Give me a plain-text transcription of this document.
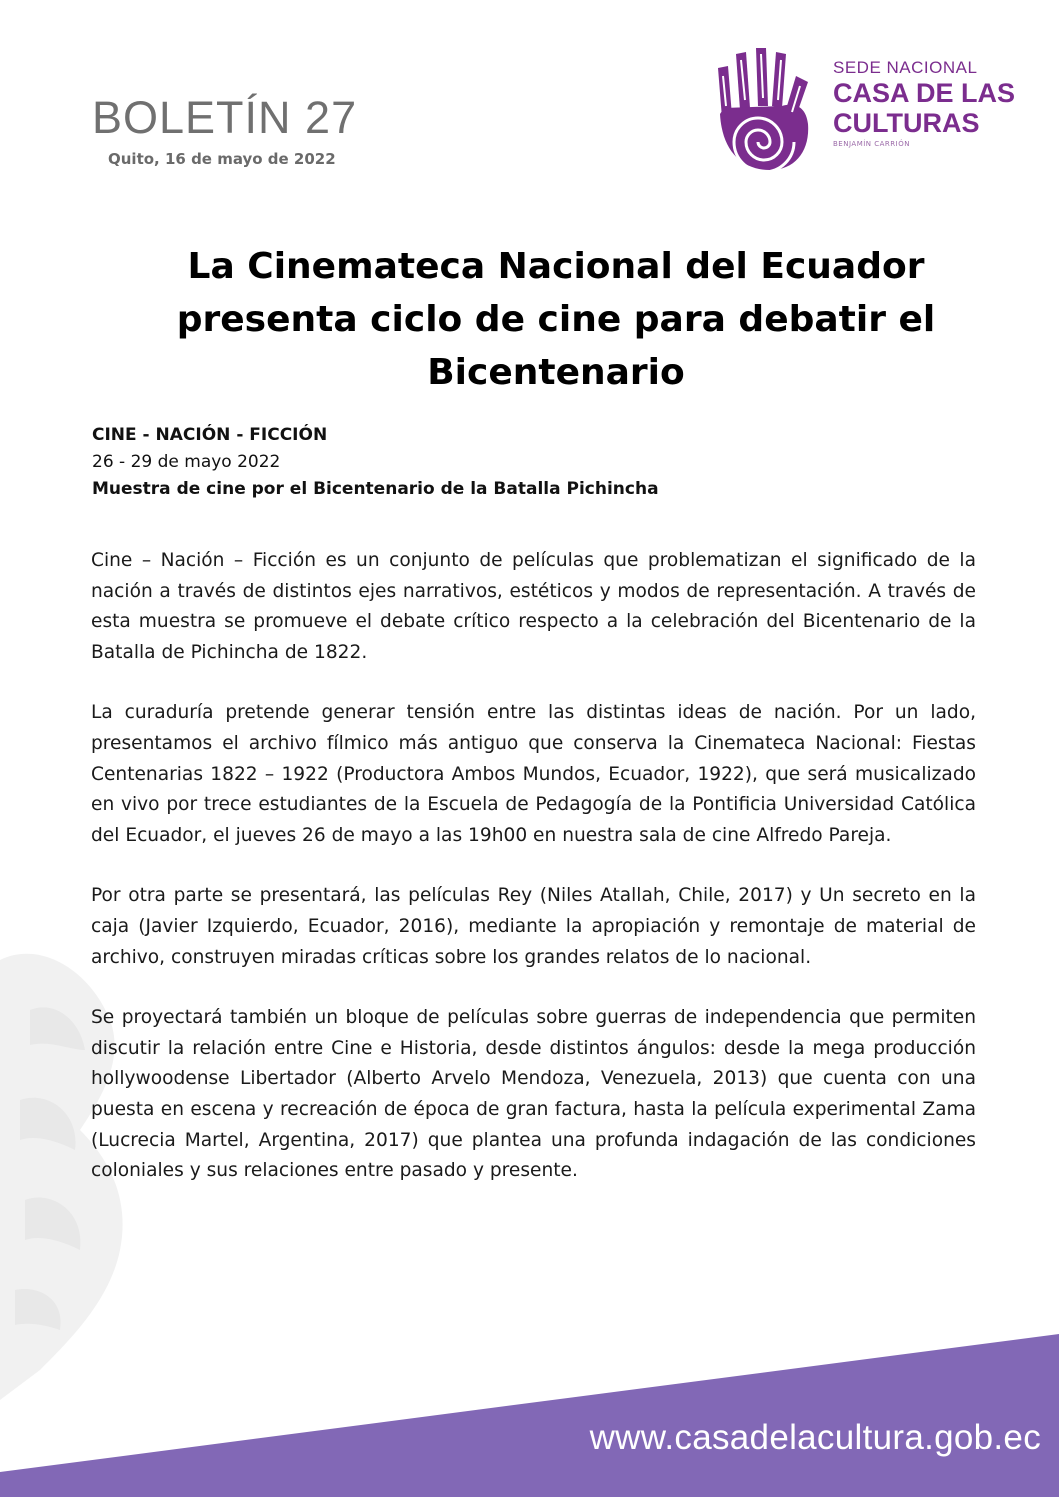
BOLETÍN 27
Quito, 16 de mayo de 2022
SEDE NACIONAL
CASA DE LAS
CULTURAS
BENJAMÍN CARRIÓN
La Cinemateca Nacional del Ecuador
presenta ciclo de cine para debatir el
Bicentenario
CINE - NACIÓN - FICCIÓN
26 - 29 de mayo 2022
Muestra de cine por el Bicentenario de la Batalla Pichincha

Cine – Nación – Ficción es un conjunto de películas que problematizan el significado de la nación a través de distintos ejes narrativos, estéticos y modos de representación. A través de esta muestra se promueve el debate crítico respecto a la celebración del Bicentenario de la Batalla de Pichincha de 1822.

La curaduría pretende generar tensión entre las distintas ideas de nación. Por un lado, presentamos el archivo fílmico más antiguo que conserva la Cinemateca Nacional: Fiestas Centenarias 1822 – 1922 (Productora Ambos Mundos, Ecuador, 1922), que será musicalizado en vivo por trece estudiantes de la Escuela de Pedagogía de la Pontificia Universidad Católica del Ecuador, el jueves 26 de mayo a las 19h00 en nuestra sala de cine Alfredo Pareja.

Por otra parte se presentará, las películas Rey (Niles Atallah, Chile, 2017) y Un secreto en la caja (Javier Izquierdo, Ecuador, 2016), mediante la apropiación y remontaje de material de archivo, construyen miradas críticas sobre los grandes relatos de lo nacional.

Se proyectará también un bloque de películas sobre guerras de independencia que permiten discutir la relación entre Cine e Historia, desde distintos ángulos: desde la mega producción hollywoodense Libertador (Alberto Arvelo Mendoza, Venezuela, 2013) que cuenta con una puesta en escena y recreación de época de gran factura, hasta la película experimental Zama (Lucrecia Martel, Argentina, 2017) que plantea una profunda indagación de las condiciones coloniales y sus relaciones entre pasado y presente.

www.casadelacultura.gob.ec
